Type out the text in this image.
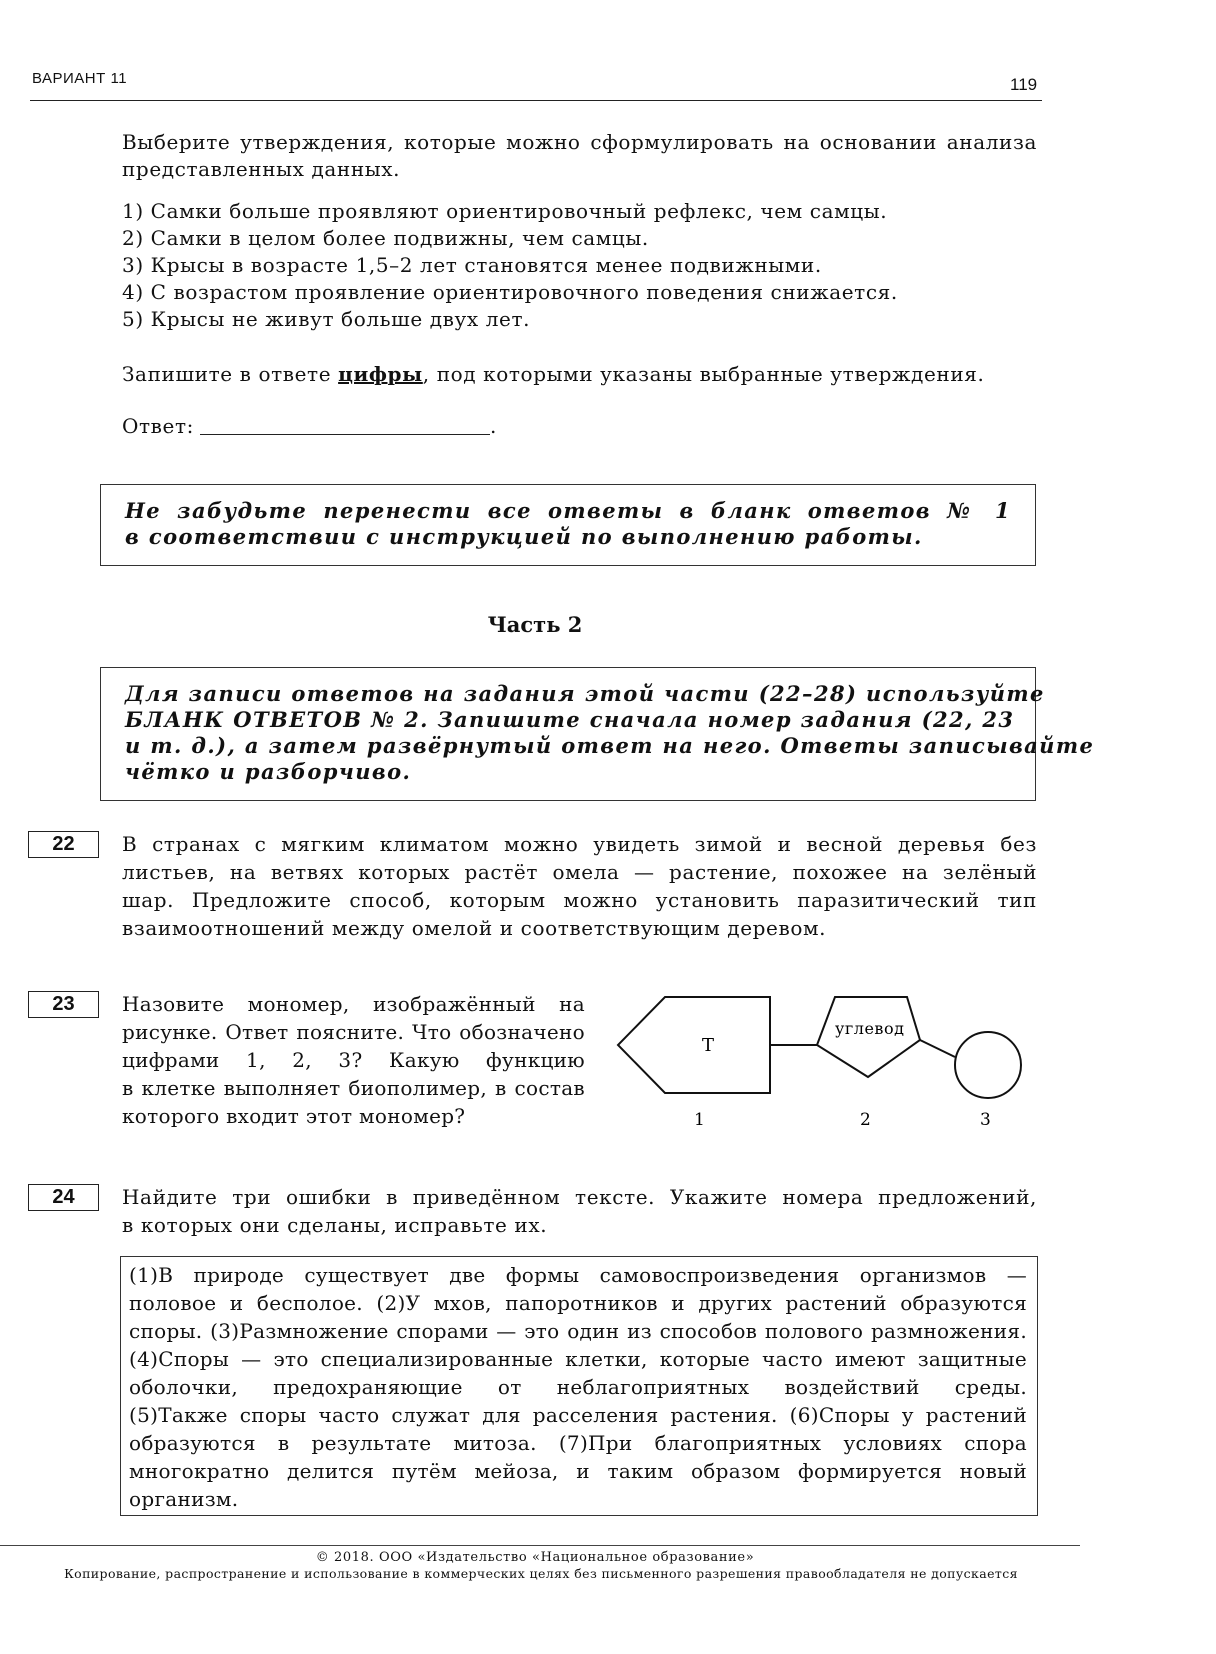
ВАРИАНТ 11	119
Выберите утверждения, которые можно сформулировать на основании анализа
представленных данных.
1) Самки больше проявляют ориентировочный рефлекс, чем самцы.
2) Самки в целом более подвижны, чем самцы.
3) Крысы в возрасте 1,5–2 лет становятся менее подвижными.
4) С возрастом проявление ориентировочного поведения снижается.
5) Крысы не живут больше двух лет.
Запишите в ответе цифры, под которыми указаны выбранные утверждения.
Ответ:	.
Не забудьте перенести все ответы в бланк ответов № 1
в соответствии с инструкцией по выполнению работы.
Часть 2
Для записи ответов на задания этой части (22–28) используйте
БЛАНК ОТВЕТОВ № 2. Запишите сначала номер задания (22, 23
и т. д.), а затем развёрнутый ответ на него. Ответы записывайте
чётко и разборчиво.
22	В странах с мягким климатом можно увидеть зимой и весной деревья без
листьев, на ветвях которых растёт омела — растение, похожее на зелёный
шар. Предложите способ, которым можно установить паразитический тип
взаимоотношений между омелой и соответствующим деревом.
23	Назовите мономер, изображённый на
рисунке. Ответ поясните. Что обозначено
цифрами 1, 2, 3? Какую функцию
в клетке выполняет биополимер, в состав
которого входит этот мономер?
Т
углевод
1	2	3
24	Найдите три ошибки в приведённом тексте. Укажите номера предложений,
в которых они сделаны, исправьте их.
(1)В природе существует две формы самовоспроизведения организмов —
половое и бесполое. (2)У мхов, папоротников и других растений образуются
споры. (3)Размножение спорами — это один из способов полового размножения.
(4)Споры — это специализированные клетки, которые часто имеют защитные
оболочки, предохраняющие от неблагоприятных воздействий среды.
(5)Также споры часто служат для расселения растения. (6)Споры у растений
образуются в результате митоза. (7)При благоприятных условиях спора
многократно делится путём мейоза, и таким образом формируется новый
организм.
© 2018. ООО «Издательство «Национальное образование»
Копирование, распространение и использование в коммерческих целях без письменного разрешения правообладателя не допускается
